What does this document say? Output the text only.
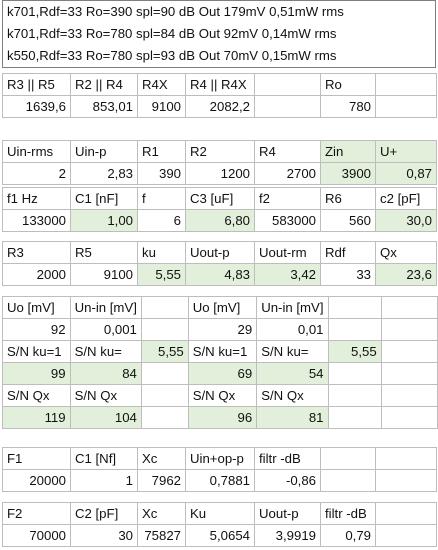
k701,Rdf=33 Ro=390 spl=90 dB Out 179mV 0,51mW rms
k701,Rdf=33 Ro=780 spl=84 dB Out 92mV 0,14mW rms
k550,Rdf=33 Ro=780 spl=93 dB Out 70mV 0,15mW rms
R3 || R5	R2 || R4	R4X	R4 || R4X		Ro	
1639,6	853,01	9100	2082,2		780	
Uin-rms	Uin-p	R1	R2	R4	Zin	U+
2	2,83	390	1200	2700	3900	0,87
f1 Hz	C1 [nF]	f	C3 [uF]	f2	R6	c2 [pF]
133000	1,00	6	6,80	583000	560	30,0
R3	R5	ku	Uout-p	Uout-rm	Rdf	Qx
2000	9100	5,55	4,83	3,42	33	23,6
Uo [mV]	Un-in [mV]		Uo [mV]	Un-in [mV]		
92	0,001		29	0,01		
S/N ku=1	S/N ku=	5,55	S/N ku=1	S/N ku=	5,55	
99	84		69	54		
S/N Qx	S/N Qx		S/N Qx	S/N Qx		
119	104		96	81		
F1	C1 [Nf]	Xc	Uin+op-p	filtr -dB		
20000	1	7962	0,7881	-0,86		
F2	C2 [pF]	Xc	Ku	Uout-p	filtr -dB	
70000	30	75827	5,0654	3,9919	0,79	
